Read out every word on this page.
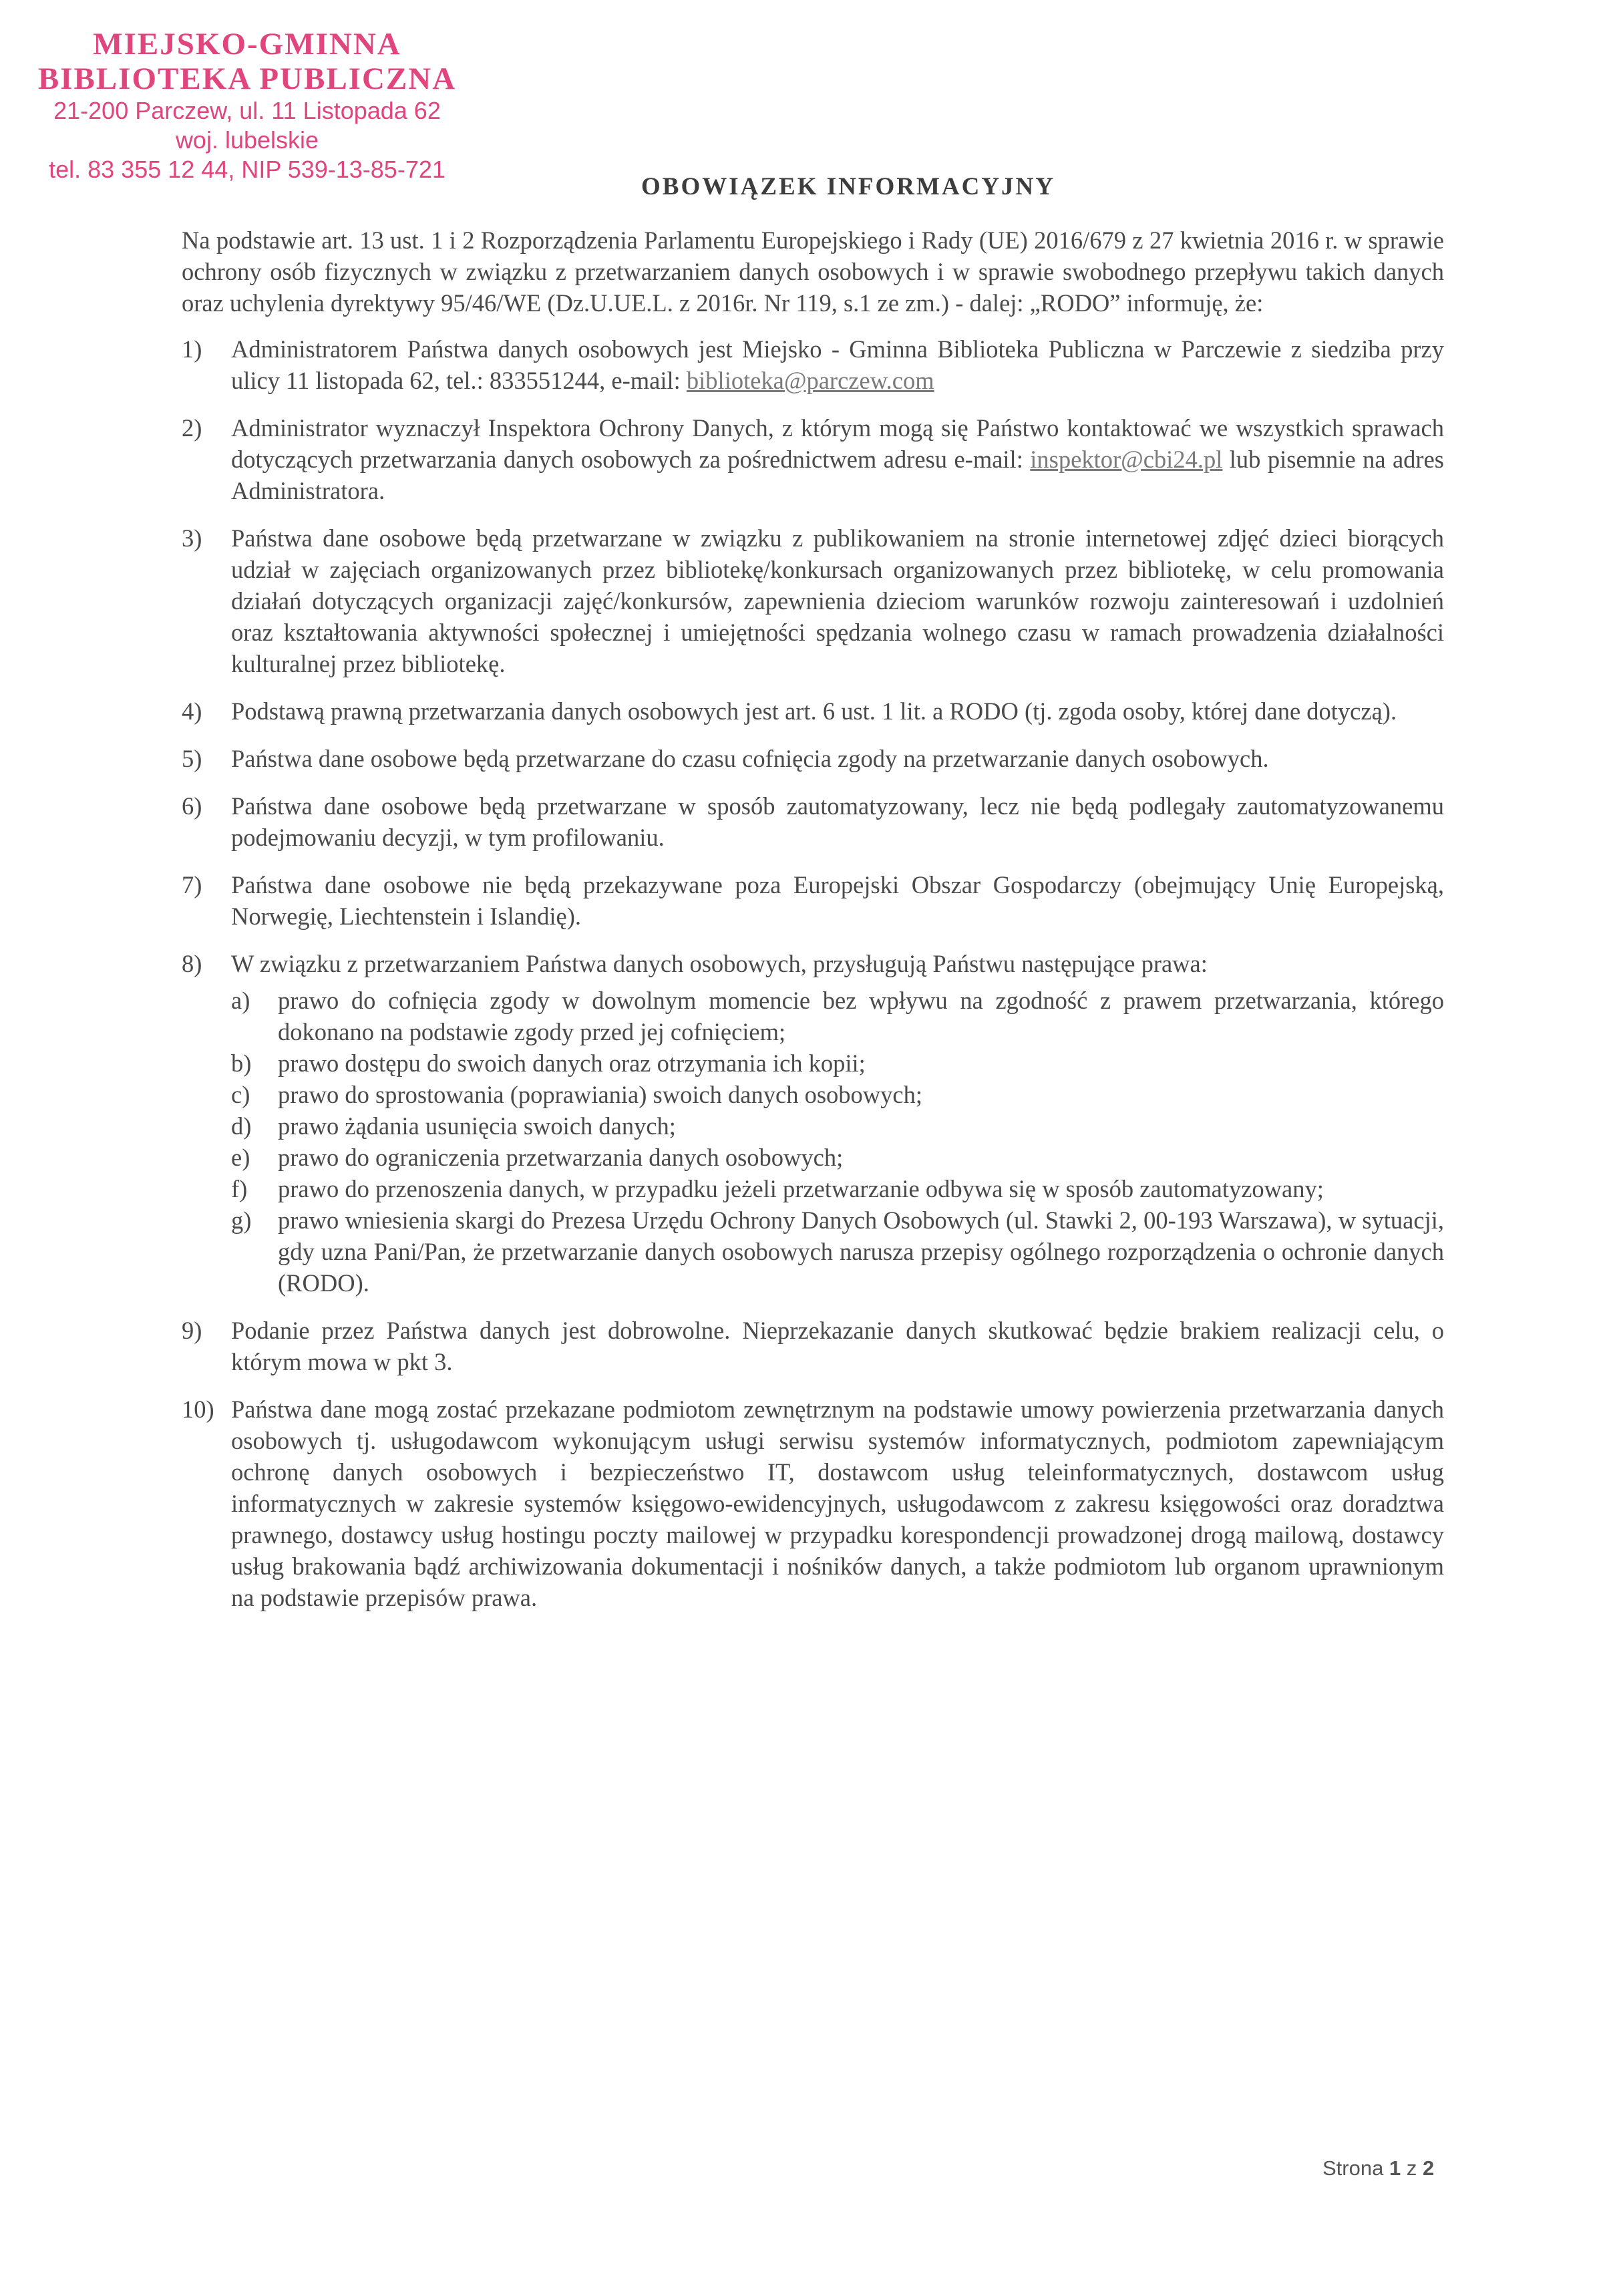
MIEJSKO-GMINNA
BIBLIOTEKA PUBLICZNA
21-200 Parczew, ul. 11 Listopada 62
woj. lubelskie
tel. 83 355 12 44, NIP 539-13-85-721
OBOWIĄZEK INFORMACYJNY

Na podstawie art. 13 ust. 1 i 2 Rozporządzenia Parlamentu Europejskiego i Rady (UE) 2016/679 z 27 kwietnia 2016 r. w sprawie ochrony osób fizycznych w związku z przetwarzaniem danych osobowych i w sprawie swobodnego przepływu takich danych oraz uchylenia dyrektywy 95/46/WE (Dz.U.UE.L. z 2016r. Nr 119, s.1 ze zm.) - dalej: „RODO” informuję, że:

1)	Administratorem Państwa danych osobowych jest Miejsko - Gminna Biblioteka Publiczna w Parczewie z siedziba przy ulicy 11 listopada 62, tel.: 833551244, e-mail: biblioteka@parczew.com
2)	Administrator wyznaczył Inspektora Ochrony Danych, z którym mogą się Państwo kontaktować we wszystkich sprawach dotyczących przetwarzania danych osobowych za pośrednictwem adresu e-mail: inspektor@cbi24.pl lub pisemnie na adres Administratora.
3)	Państwa dane osobowe będą przetwarzane w związku z publikowaniem na stronie internetowej zdjęć dzieci biorących udział w zajęciach organizowanych przez bibliotekę/konkursach organizowanych przez bibliotekę, w celu promowania działań dotyczących organizacji zajęć/konkursów, zapewnienia dzieciom warunków rozwoju zainteresowań i uzdolnień oraz kształtowania aktywności społecznej i umiejętności spędzania wolnego czasu w ramach prowadzenia działalności kulturalnej przez bibliotekę.
4)	Podstawą prawną przetwarzania danych osobowych jest art. 6 ust. 1 lit. a RODO (tj. zgoda osoby, której dane dotyczą).
5)	Państwa dane osobowe będą przetwarzane do czasu cofnięcia zgody na przetwarzanie danych osobowych.
6)	Państwa dane osobowe będą przetwarzane w sposób zautomatyzowany, lecz nie będą podlegały zautomatyzowanemu podejmowaniu decyzji, w tym profilowaniu.
7)	Państwa dane osobowe nie będą przekazywane poza Europejski Obszar Gospodarczy (obejmujący Unię Europejską, Norwegię, Liechtenstein i Islandię).
8)	W związku z przetwarzaniem Państwa danych osobowych, przysługują Państwu następujące prawa:
a)	prawo do cofnięcia zgody w dowolnym momencie bez wpływu na zgodność z prawem przetwarzania, którego dokonano na podstawie zgody przed jej cofnięciem;
b)	prawo dostępu do swoich danych oraz otrzymania ich kopii;
c)	prawo do sprostowania (poprawiania) swoich danych osobowych;
d)	prawo żądania usunięcia swoich danych;
e)	prawo do ograniczenia przetwarzania danych osobowych;
f)	prawo do przenoszenia danych, w przypadku jeżeli przetwarzanie odbywa się w sposób zautomatyzowany;
g)	prawo wniesienia skargi do Prezesa Urzędu Ochrony Danych Osobowych (ul. Stawki 2, 00-193 Warszawa), w sytuacji, gdy uzna Pani/Pan, że przetwarzanie danych osobowych narusza przepisy ogólnego rozporządzenia o ochronie danych (RODO).
9)	Podanie przez Państwa danych jest dobrowolne. Nieprzekazanie danych skutkować będzie brakiem realizacji celu, o którym mowa w pkt 3.
10) Państwa dane mogą zostać przekazane podmiotom zewnętrznym na podstawie umowy powierzenia przetwarzania danych osobowych tj. usługodawcom wykonującym usługi serwisu systemów informatycznych, podmiotom zapewniającym ochronę danych osobowych i bezpieczeństwo IT, dostawcom usług teleinformatycznych, dostawcom usług informatycznych w zakresie systemów księgowo-ewidencyjnych, usługodawcom z zakresu księgowości oraz doradztwa prawnego, dostawcy usług hostingu poczty mailowej w przypadku korespondencji prowadzonej drogą mailową, dostawcy usług brakowania bądź archiwizowania dokumentacji i nośników danych, a także podmiotom lub organom uprawnionym na podstawie przepisów prawa.
Strona 1 z 2
